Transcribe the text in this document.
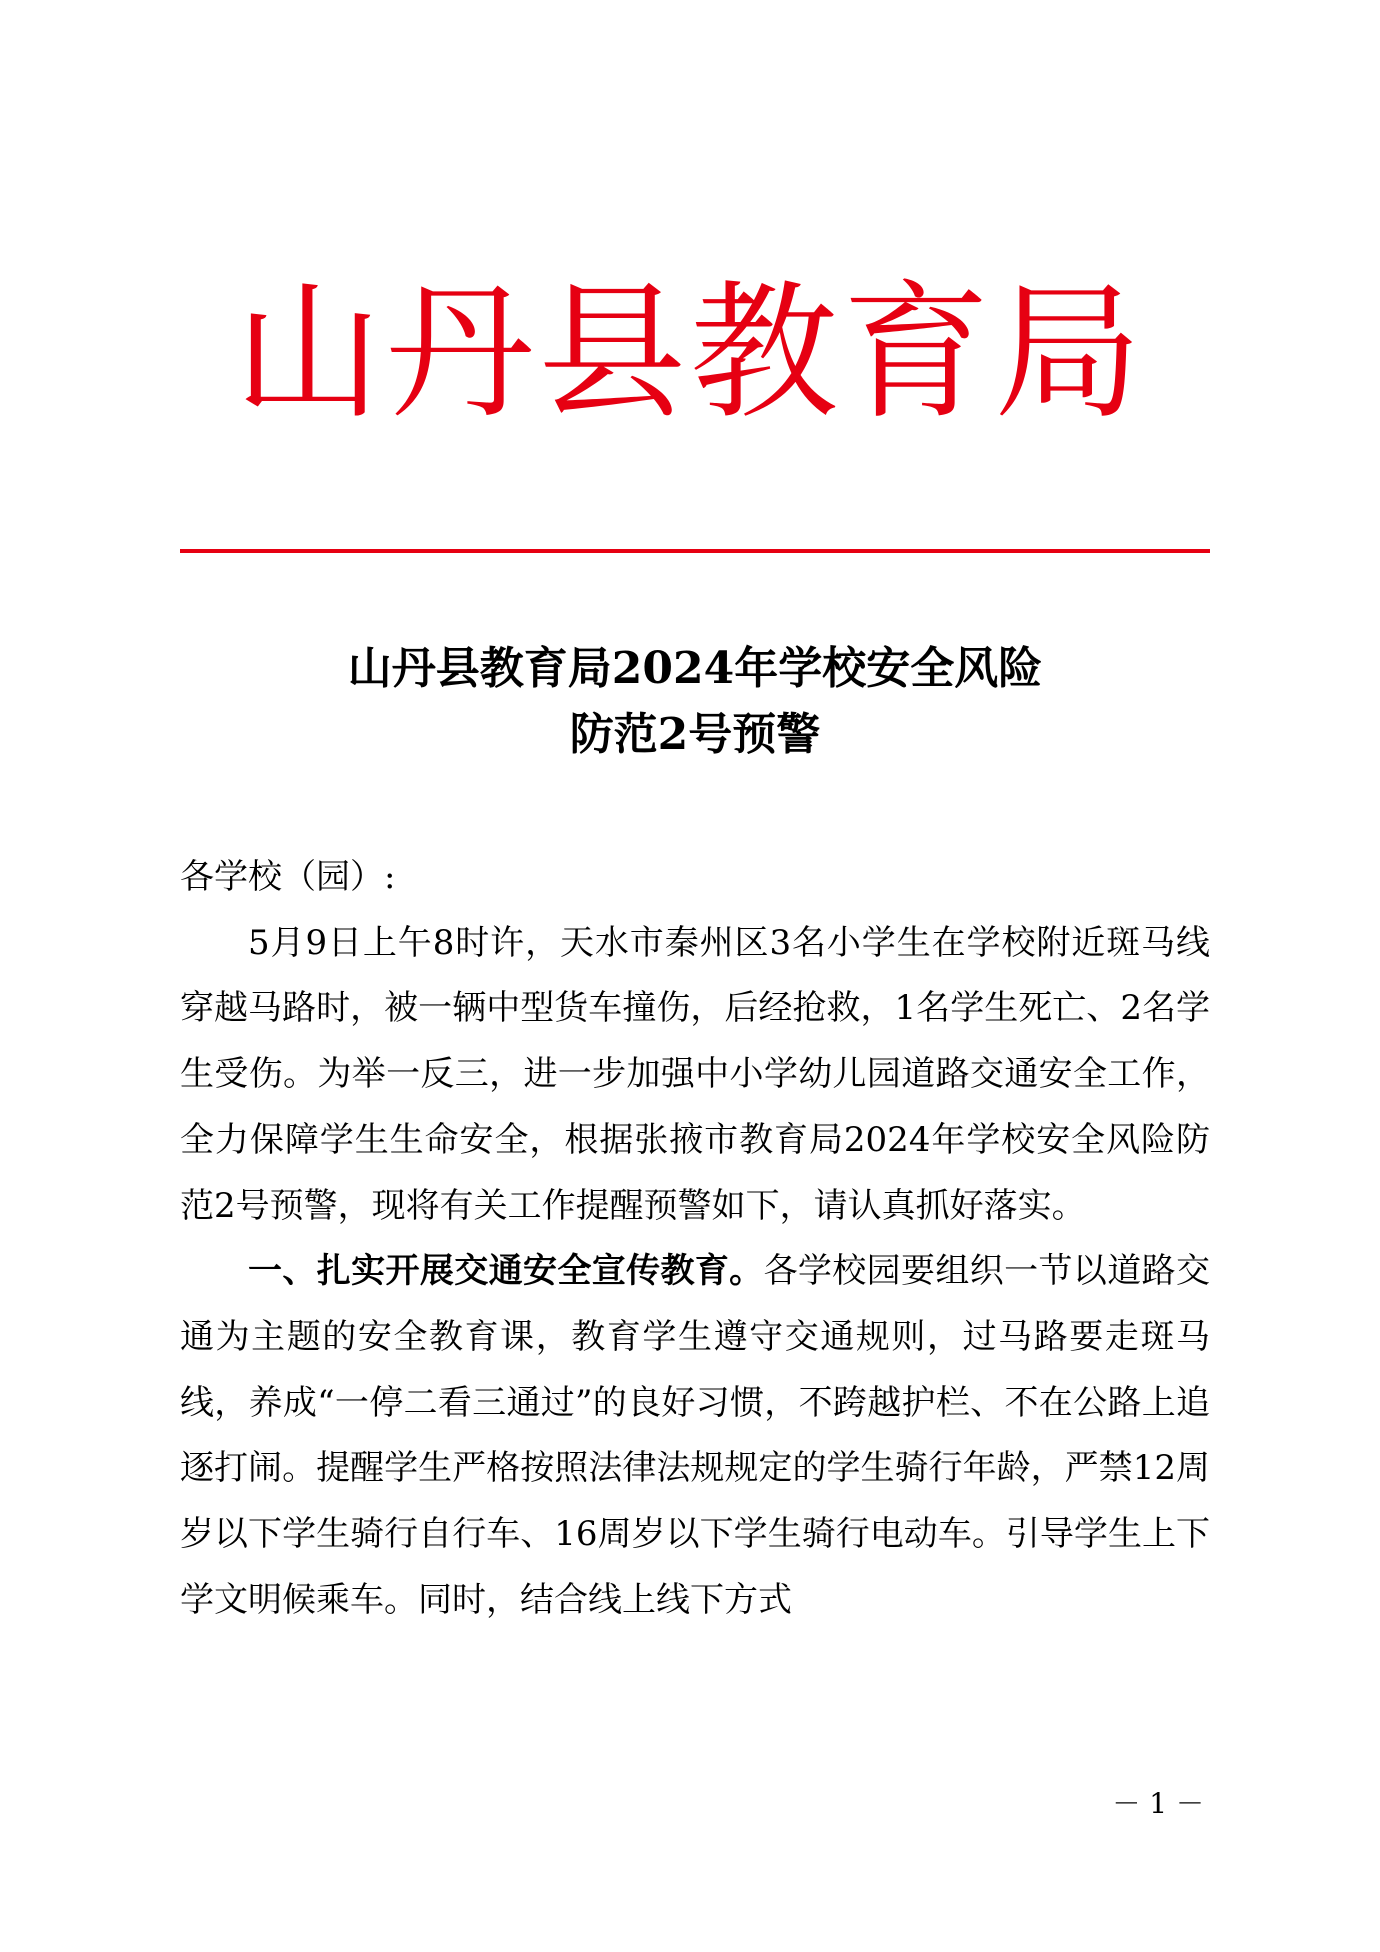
山丹县教育局
山丹县教育局2024年学校安全风险
防范2号预警

各学校（园）:

5月9日上午8时许，天水市秦州区3名小学生在学校附近斑马线穿越马路时，被一辆中型货车撞伤，后经抢救，1名学生死亡、2名学生受伤。为举一反三，进一步加强中小学幼儿园道路交通安全工作，全力保障学生生命安全，根据张掖市教育局2024年学校安全风险防范2号预警，现将有关工作提醒预警如下，请认真抓好落实。

一、扎实开展交通安全宣传教育。各学校园要组织一节以道路交通为主题的安全教育课，教育学生遵守交通规则，过马路要走斑马线，养成“一停二看三通过”的良好习惯，不跨越护栏、不在公路上追逐打闹。提醒学生严格按照法律法规规定的学生骑行年龄，严禁12周岁以下学生骑行自行车、16周岁以下学生骑行电动车。引导学生上下学文明候乘车。同时，结合线上线下方式

－ 1 －
